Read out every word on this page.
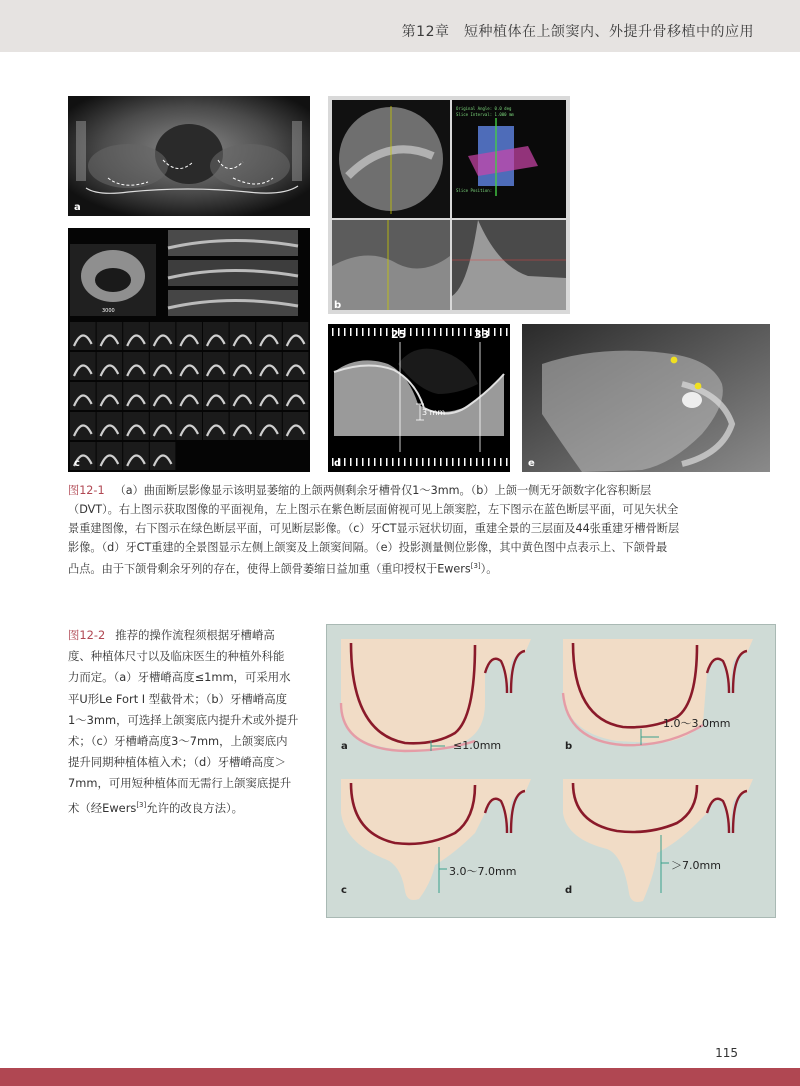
第12章　短种植体在上颌窦内、外提升骨移植中的应用
a
Original Angle: 0.0 deg
Slice Interval: 1.000 mm
Slice Position:
b
3000
c
25	33
3 mm
d	e
图12-1 （a）曲面断层影像显示该明显萎缩的上颌两侧剩余牙槽骨仅1～3mm。（b）上颌一侧无牙颌数字化容积断层
（DVT）。右上图示获取图像的平面视角，左上图示在紫色断层面俯视可见上颌窦腔，左下图示在蓝色断层平面，可见矢状全
景重建图像，右下图示在绿色断层平面，可见断层影像。（c）牙CT显示冠状切面，重建全景的三层面及44张重建牙槽骨断层
影像。（d）牙CT重建的全景图显示左侧上颌窦及上颌窦间隔。（e）投影测量侧位影像，其中黄色图中点表示上、下颌骨最
凸点。由于下颌骨剩余牙列的存在，使得上颌骨萎缩日益加重（重印授权于Ewers[3]）。
图12-2 推荐的操作流程须根据牙槽嵴高
度、种植体尺寸以及临床医生的种植外科能
力而定。（a）牙槽嵴高度≤1mm，可采用水
平U形Le Fort I 型截骨术；（b）牙槽嵴高度
1～3mm，可选择上颌窦底内提升术或外提升
术；（c）牙槽嵴高度3～7mm，上颌窦底内
提升同期种植体植入术；（d）牙槽嵴高度＞
7mm，可用短种植体而无需行上颌窦底提升
术（经Ewers[3]允许的改良方法）。
≤1.0mm
a
1.0～3.0mm
b
3.0～7.0mm
c
＞7.0mm
d
115
